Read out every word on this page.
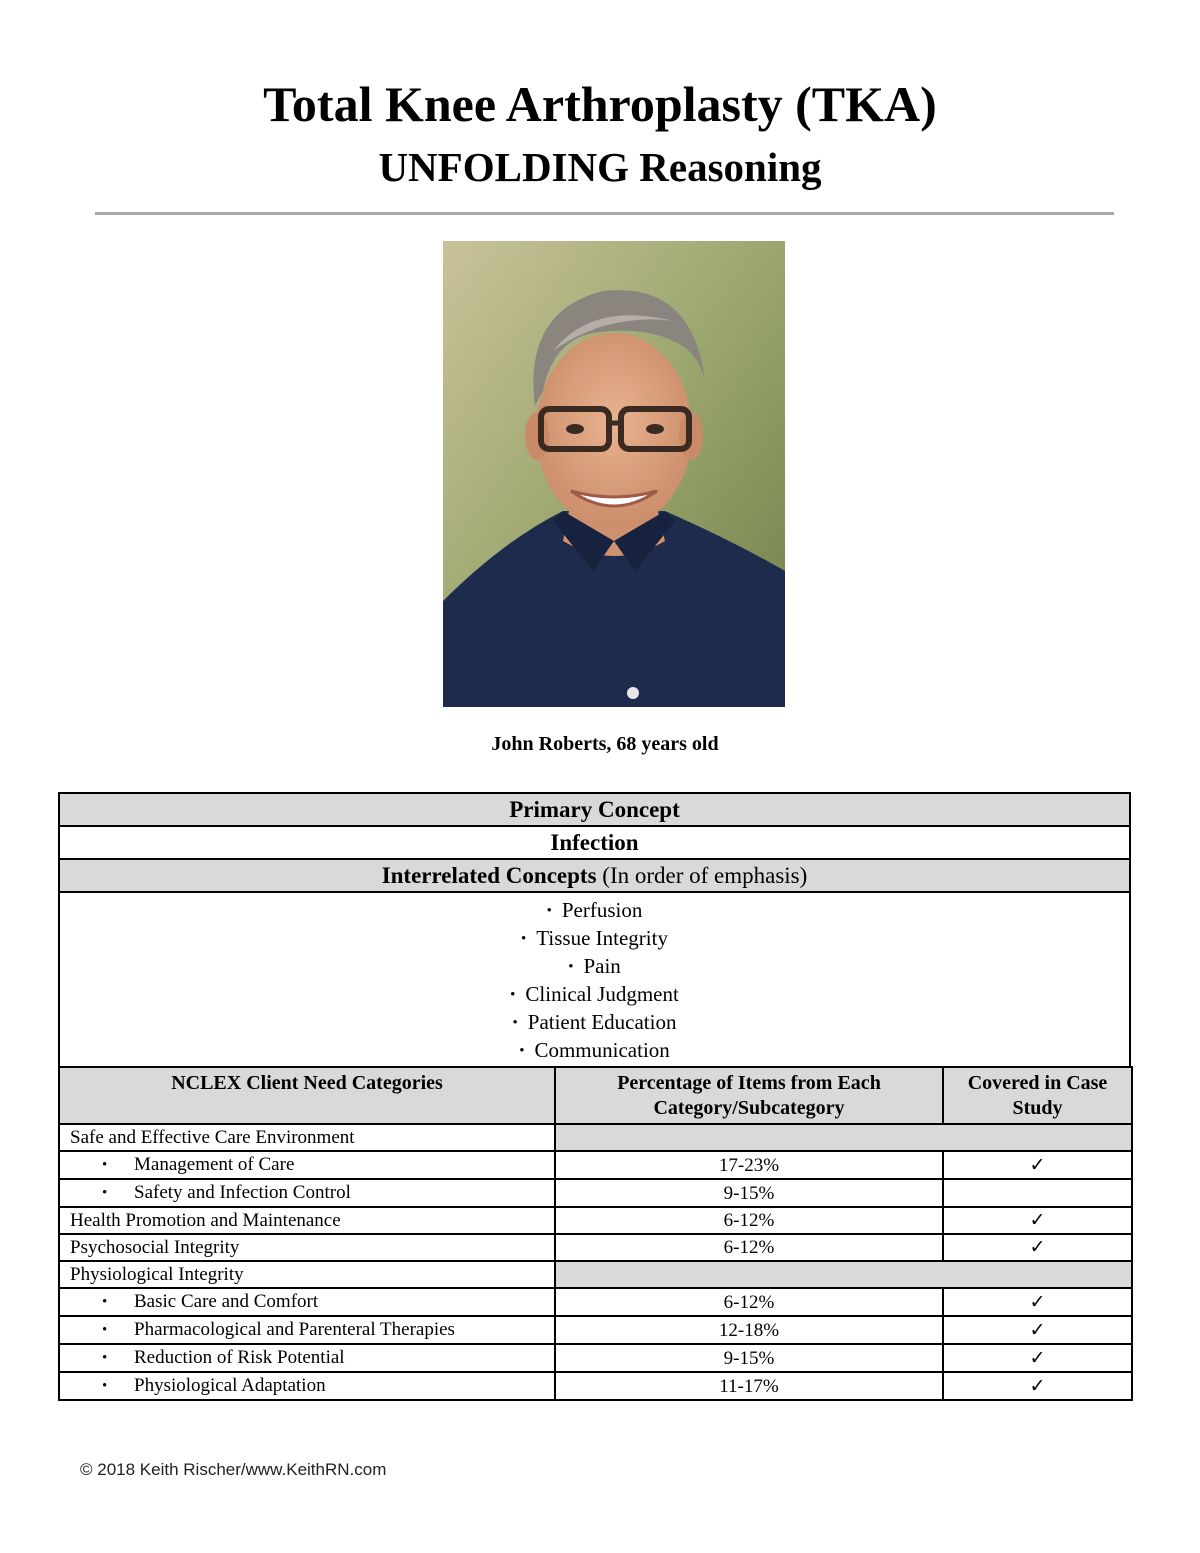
Total Knee Arthroplasty (TKA)
UNFOLDING Reasoning
John Roberts, 68 years old
Primary Concept
Infection
Interrelated Concepts (In order of emphasis)

• Perfusion
• Tissue Integrity
• Pain
• Clinical Judgment
• Patient Education
• Communication
NCLEX Client Need Categories	Percentage of Items from Each Category/Subcategory	Covered in Case Study
Safe and Effective Care Environment		
• Management of Care	17-23%	✓
• Safety and Infection Control	9-15%	
Health Promotion and Maintenance	6-12%	✓
Psychosocial Integrity	6-12%	✓
Physiological Integrity		
• Basic Care and Comfort	6-12%	✓
• Pharmacological and Parenteral Therapies	12-18%	✓
• Reduction of Risk Potential	9-15%	✓
• Physiological Adaptation	11-17%	✓
© 2018 Keith Rischer/www.KeithRN.com
